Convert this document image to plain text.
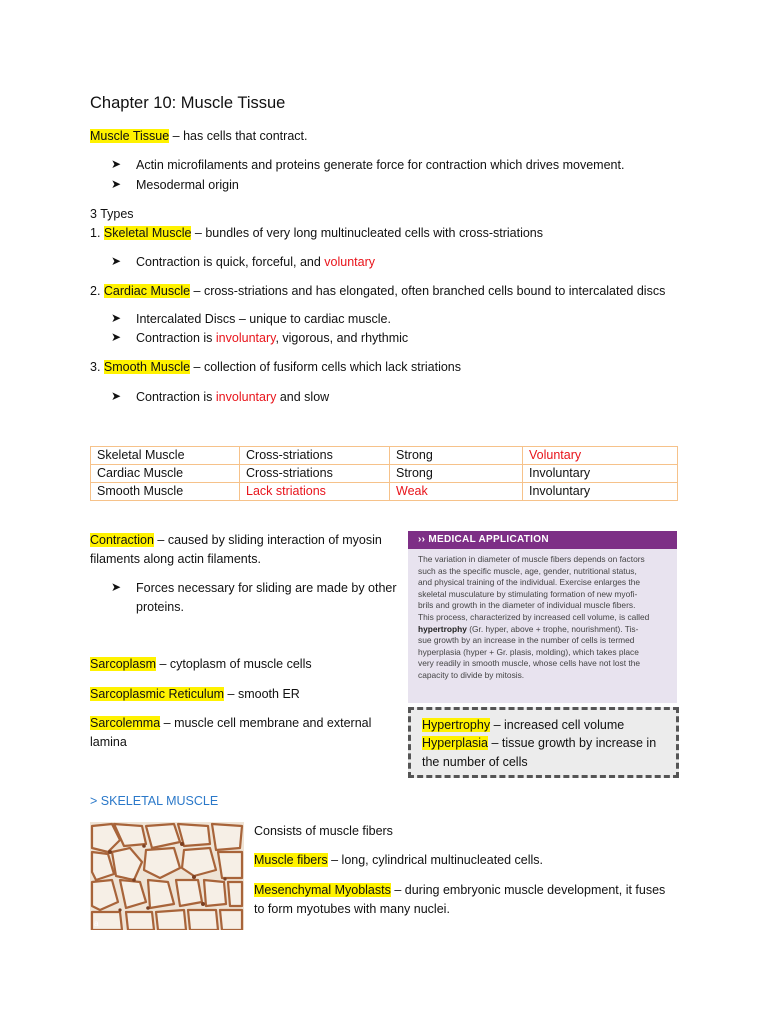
Chapter 10: Muscle Tissue
Muscle Tissue – has cells that contract.
➤ Actin microfilaments and proteins generate force for contraction which drives movement.
➤ Mesodermal origin
3 Types
1. Skeletal Muscle – bundles of very long multinucleated cells with cross-striations
➤ Contraction is quick, forceful, and voluntary
2. Cardiac Muscle – cross-striations and has elongated, often branched cells bound to intercalated discs
➤ Intercalated Discs – unique to cardiac muscle.
➤ Contraction is involuntary, vigorous, and rhythmic
3. Smooth Muscle – collection of fusiform cells which lack striations
➤ Contraction is involuntary and slow
Skeletal Muscle	Cross-striations	Strong	Voluntary
Cardiac Muscle	Cross-striations	Strong	Involuntary
Smooth Muscle	Lack striations	Weak	Involuntary
Contraction – caused by sliding interaction of myosin
filaments along actin filaments.
➤ Forces necessary for sliding are made by other
proteins.
Sarcoplasm – cytoplasm of muscle cells
Sarcoplasmic Reticulum – smooth ER
Sarcolemma – muscle cell membrane and external
lamina
›› MEDICAL APPLICATION
The variation in diameter of muscle fibers depends on factors
such as the specific muscle, age, gender, nutritional status,
and physical training of the individual. Exercise enlarges the
skeletal musculature by stimulating formation of new myofi-
brils and growth in the diameter of individual muscle fibers.
This process, characterized by increased cell volume, is called
hypertrophy (Gr. hyper, above + trophe, nourishment). Tis-
sue growth by an increase in the number of cells is termed
hyperplasia (hyper + Gr. plasis, molding), which takes place
very readily in smooth muscle, whose cells have not lost the
capacity to divide by mitosis.
Hypertrophy – increased cell volume
Hyperplasia – tissue growth by increase in
the number of cells
> SKELETAL MUSCLE
a
Consists of muscle fibers
Muscle fibers – long, cylindrical multinucleated cells.
Mesenchymal Myoblasts – during embryonic muscle development, it fuses
to form myotubes with many nuclei.
